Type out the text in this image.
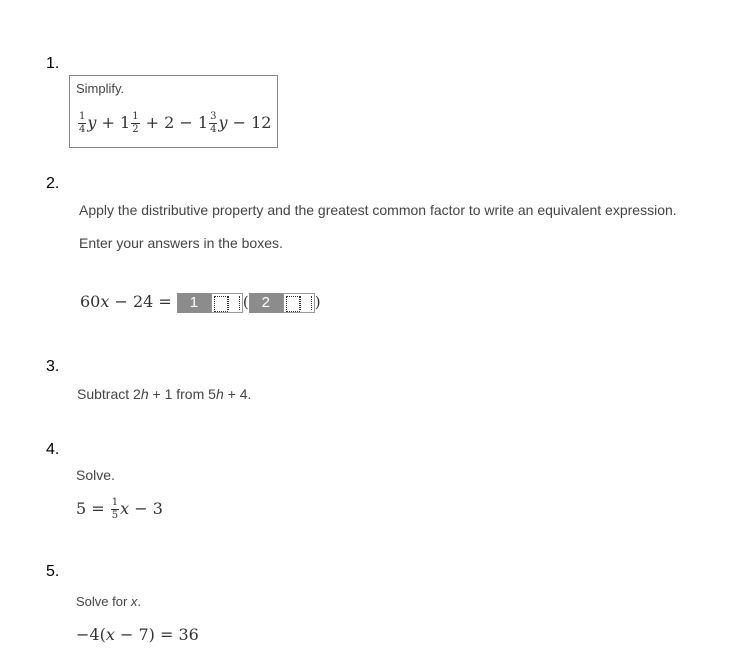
1.
Simplify.
$\frac{1}{4}$ $y + 1 \frac{1}{2} + 2 - 1 \frac{3}{4}$ y − 12
2.
Apply the distributive property and the greatest common factor to write an equivalent expression.
Enter your answers in the boxes.
60x − 24 = 1	( 2	)
3.
Subtract 2h + 1 from 5h + 4.
4.
Solve.
$5 = \frac{1}{5}$ x − 3
5.
Solve for x.
−4(x − 7) = 36
